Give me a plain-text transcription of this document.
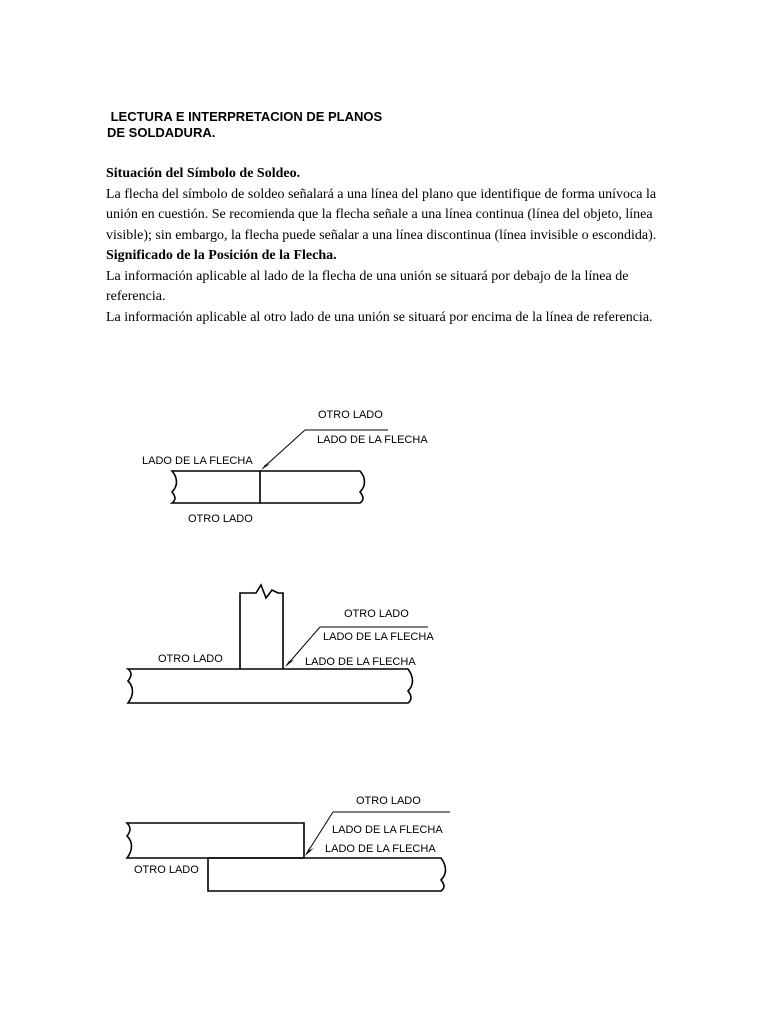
LECTURA E INTERPRETACION DE PLANOS
DE SOLDADURA.

Situación del Símbolo de Soldeo.

La flecha del símbolo de soldeo señalará a una línea del plano que identifique de forma unívoca la unión en cuestión. Se recomienda que la flecha señale a una línea continua (línea del objeto, línea visible); sin embargo, la flecha puede señalar a una línea discontinua (línea invisible o escondida).

Significado de la Posición de la Flecha.

La información aplicable al lado de la flecha de una unión se situará por debajo de la línea de referencia.

La información aplicable al otro lado de una unión se situará por encima de la línea de referencia.

OTRO LADO
LADO DE LA FLECHA
LADO DE LA FLECHA
OTRO LADO
OTRO LADO
LADO DE LA FLECHA
OTRO LADO	LADO DE LA FLECHA
OTRO LADO
LADO DE LA FLECHA
LADO DE LA FLECHA
OTRO LADO
